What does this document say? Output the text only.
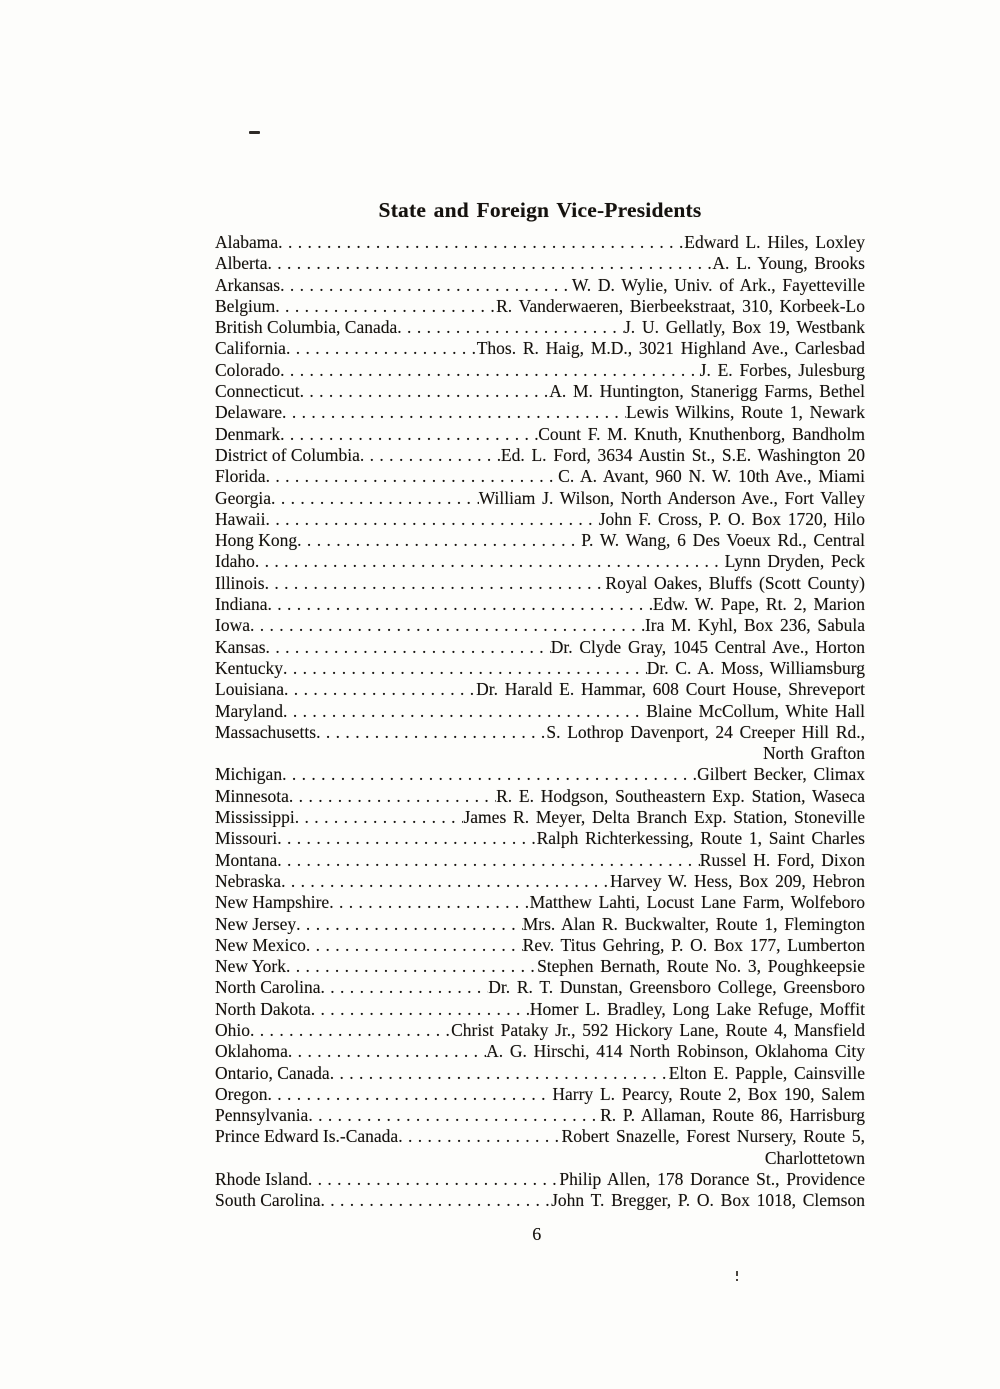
State and Foreign Vice-Presidents
Alabama .....	Edward L. Hiles, Loxley
Alberta .....	A. L. Young, Brooks
Arkansas .....	W. D. Wylie, Univ. of Ark., Fayetteville
Belgium .....	R. Vanderwaeren, Bierbeekstraat, 310, Korbeek-Lo
British Columbia, Canada .....	J. U. Gellatly, Box 19, Westbank
California .....	Thos. R. Haig, M.D., 3021 Highland Ave., Carlesbad
Colorado .....	J. E. Forbes, Julesburg
Connecticut .....	A. M. Huntington, Stanerigg Farms, Bethel
Delaware .....	Lewis Wilkins, Route 1, Newark
Denmark .....	Count F. M. Knuth, Knuthenborg, Bandholm
District of Columbia .....	Ed. L. Ford, 3634 Austin St., S.E. Washington 20
Florida .....	C. A. Avant, 960 N. W. 10th Ave., Miami
Georgia .....	William J. Wilson, North Anderson Ave., Fort Valley
Hawaii .....	John F. Cross, P. O. Box 1720, Hilo
Hong Kong .....	P. W. Wang, 6 Des Voeux Rd., Central
Idaho .....	Lynn Dryden, Peck
Illinois .....	Royal Oakes, Bluffs (Scott County)
Indiana .....	Edw. W. Pape, Rt. 2, Marion
Iowa .....	Ira M. Kyhl, Box 236, Sabula
Kansas .....	Dr. Clyde Gray, 1045 Central Ave., Horton
Kentucky .....	Dr. C. A. Moss, Williamsburg
Louisiana .....	Dr. Harald E. Hammar, 608 Court House, Shreveport
Maryland .....	Blaine McCollum, White Hall
Massachusetts .....	S. Lothrop Davenport, 24 Creeper Hill Rd.,
North Grafton
Michigan .....	Gilbert Becker, Climax
Minnesota .....	R. E. Hodgson, Southeastern Exp. Station, Waseca
Mississippi .....	James R. Meyer, Delta Branch Exp. Station, Stoneville
Missouri .....	Ralph Richterkessing, Route 1, Saint Charles
Montana .....	Russel H. Ford, Dixon
Nebraska .....	Harvey W. Hess, Box 209, Hebron
New Hampshire .....	Matthew Lahti, Locust Lane Farm, Wolfeboro
New Jersey .....	Mrs. Alan R. Buckwalter, Route 1, Flemington
New Mexico .....	Rev. Titus Gehring, P. O. Box 177, Lumberton
New York .....	Stephen Bernath, Route No. 3, Poughkeepsie
North Carolina .....	Dr. R. T. Dunstan, Greensboro College, Greensboro
North Dakota .....	Homer L. Bradley, Long Lake Refuge, Moffit
Ohio .....	Christ Pataky Jr., 592 Hickory Lane, Route 4, Mansfield
Oklahoma .....	A. G. Hirschi, 414 North Robinson, Oklahoma City
Ontario, Canada .....	Elton E. Papple, Cainsville
Oregon .....	Harry L. Pearcy, Route 2, Box 190, Salem
Pennsylvania .....	R. P. Allaman, Route 86, Harrisburg
Prince Edward Is.-Canada .....	Robert Snazelle, Forest Nursery, Route 5,
Charlottetown
Rhode Island .....	Philip Allen, 178 Dorance St., Providence
South Carolina .....	John T. Bregger, P. O. Box 1018, Clemson
6
